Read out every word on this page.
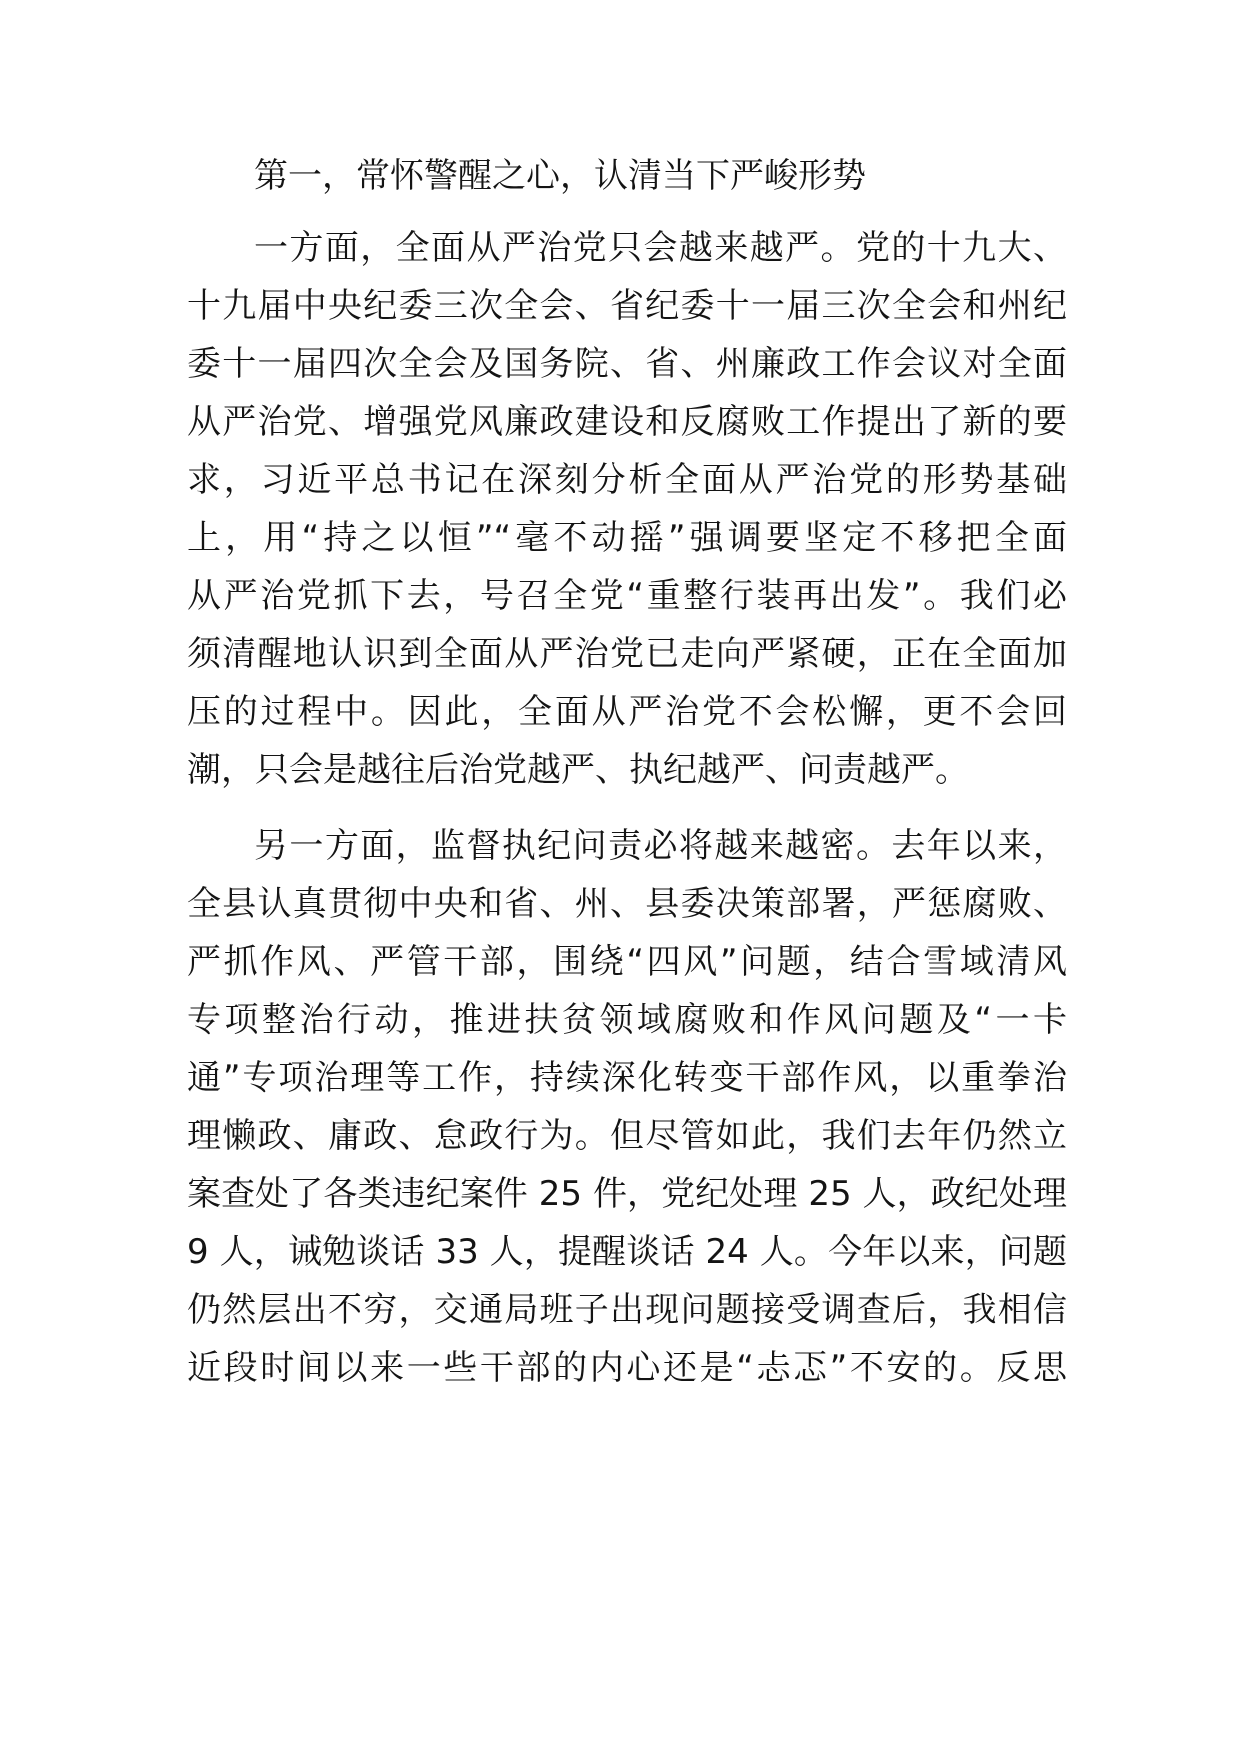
第一，常怀警醒之心，认清当下严峻形势
一方面，全面从严治党只会越来越严。党的十九大、
十九届中央纪委三次全会、省纪委十一届三次全会和州纪
委十一届四次全会及国务院、省、州廉政工作会议对全面
从严治党、增强党风廉政建设和反腐败工作提出了新的要
求，习近平总书记在深刻分析全面从严治党的形势基础
上，用“持之以恒”“毫不动摇”强调要坚定不移把全面
从严治党抓下去，号召全党“重整行装再出发”。我们必
须清醒地认识到全面从严治党已走向严紧硬，正在全面加
压的过程中。因此，全面从严治党不会松懈，更不会回
潮，只会是越往后治党越严、执纪越严、问责越严。
另一方面，监督执纪问责必将越来越密。去年以来，
全县认真贯彻中央和省、州、县委决策部署，严惩腐败、
严抓作风、严管干部，围绕“四风”问题，结合雪域清风
专项整治行动，推进扶贫领域腐败和作风问题及“一卡
通”专项治理等工作，持续深化转变干部作风，以重拳治
理懒政、庸政、怠政行为。但尽管如此，我们去年仍然立
案查处了各类违纪案件 25 件，党纪处理 25 人，政纪处理
9 人，诫勉谈话 33 人，提醒谈话 24 人。今年以来，问题
仍然层出不穷，交通局班子出现问题接受调查后，我相信
近段时间以来一些干部的内心还是“忐忑”不安的。反思
